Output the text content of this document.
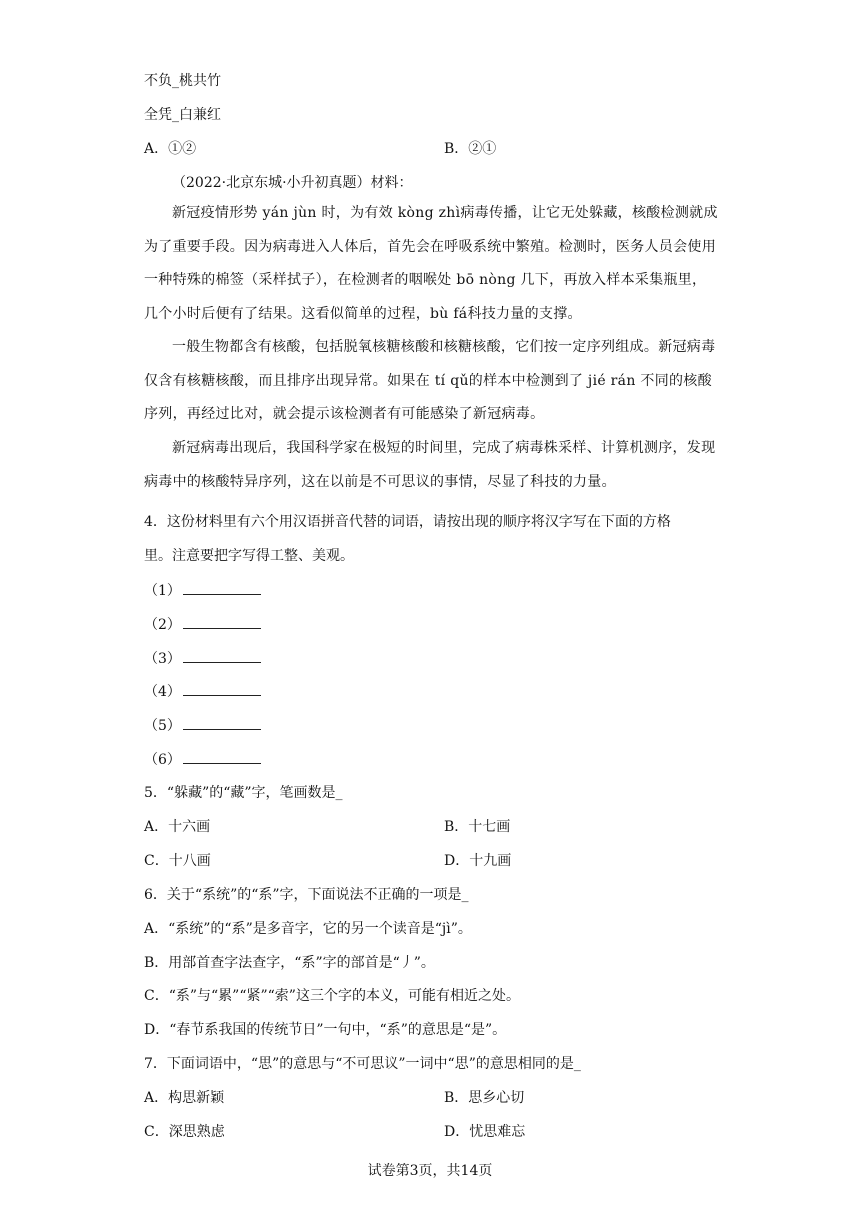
不负_桃共竹
全凭_白兼红
A．①②	B．②①
（2022·北京东城·小升初真题）材料：
新冠疫情形势 yán jùn 时，为有效 kòng zhì病毒传播，让它无处躲藏，核酸检测就成为了重要手段。因为病毒进入人体后，首先会在呼吸系统中繁殖。检测时，医务人员会使用一种特殊的棉签（采样拭子），在检测者的咽喉处 bō nòng 几下，再放入样本采集瓶里，几个小时后便有了结果。这看似简单的过程，bù fá科技力量的支撑。
一般生物都含有核酸，包括脱氧核糖核酸和核糖核酸，它们按一定序列组成。新冠病毒仅含有核糖核酸，而且排序出现异常。如果在 tí qǔ的样本中检测到了 jié rán 不同的核酸序列，再经过比对，就会提示该检测者有可能感染了新冠病毒。
新冠病毒出现后，我国科学家在极短的时间里，完成了病毒株采样、计算机测序，发现病毒中的核酸特异序列，这在以前是不可思议的事情，尽显了科技的力量。
4．这份材料里有六个用汉语拼音代替的词语，请按出现的顺序将汉字写在下面的方格
里。注意要把字写得工整、美观。
（1）
（2）
（3）
（4）
（5）
（6）
5．“躲藏”的“藏”字，笔画数是_
A．十六画	B．十七画
C．十八画	D．十九画
6．关于“系统”的“系”字，下面说法不正确的一项是_
A．“系统”的“系”是多音字，它的另一个读音是“jì”。
B．用部首查字法查字，“系”字的部首是“丿”。
C．“系”与“累”“紧”“索”这三个字的本义，可能有相近之处。
D．“春节系我国的传统节日”一句中，“系”的意思是“是”。
7．下面词语中，“思”的意思与“不可思议”一词中“思”的意思相同的是_
A．构思新颖	B．思乡心切
C．深思熟虑	D．忧思难忘
试卷第3页，共14页
